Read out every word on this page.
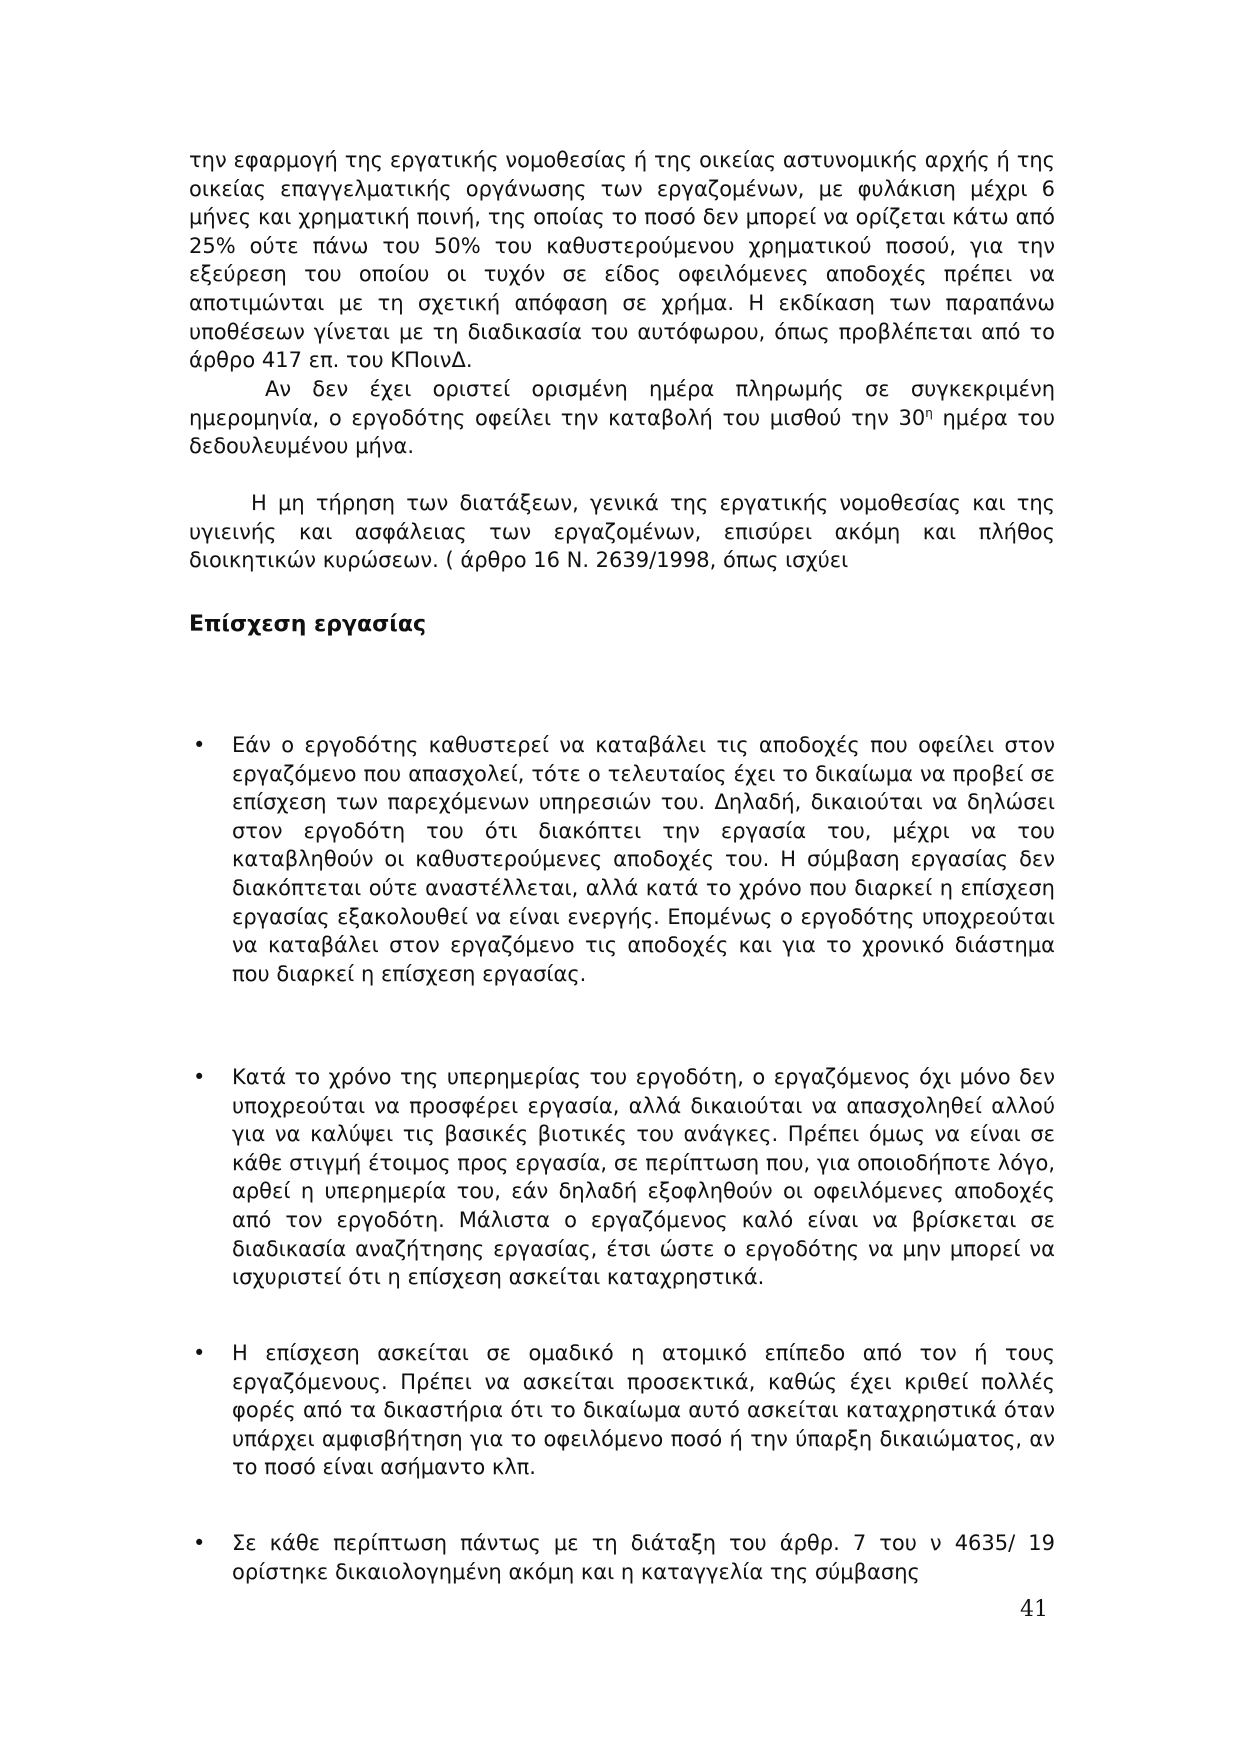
την εφαρμογή της εργατικής νομοθεσίας ή της οικείας αστυνομικής αρχής ή της οικείας επαγγελματικής οργάνωσης των εργαζομένων, με φυλάκιση μέχρι 6 μήνες και χρηματική ποινή, της οποίας το ποσό δεν μπορεί να ορίζεται κάτω από 25% ούτε πάνω του 50% του καθυστερούμενου χρηματικού ποσού, για την εξεύρεση του οποίου οι τυχόν σε είδος οφειλόμενες αποδοχές πρέπει να αποτιμώνται με τη σχετική απόφαση σε χρήμα. Η εκδίκαση των παραπάνω υποθέσεων γίνεται με τη διαδικασία του αυτόφωρου, όπως προβλέπεται από το άρθρο 417 επ. του ΚΠοινΔ.

Αν δεν έχει οριστεί ορισμένη ημέρα πληρωμής σε συγκεκριμένη ημερομηνία, ο εργοδότης οφείλει την καταβολή του μισθού την $30^\eta$ ημέρα του δεδουλευμένου μήνα.

Η μη τήρηση των διατάξεων, γενικά της εργατικής νομοθεσίας και της υγιεινής και ασφάλειας των εργαζομένων, επισύρει ακόμη και πλήθος διοικητικών κυρώσεων. ( άρθρο 16 Ν. 2639/1998, όπως ισχύει

Επίσχεση εργασίας
• Εάν ο εργοδότης καθυστερεί να καταβάλει τις αποδοχές που οφείλει στον εργαζόμενο που απασχολεί, τότε ο τελευταίος έχει το δικαίωμα να προβεί σε επίσχεση των παρεχόμενων υπηρεσιών του. Δηλαδή, δικαιούται να δηλώσει στον εργοδότη του ότι διακόπτει την εργασία του, μέχρι να του καταβληθούν οι καθυστερούμενες αποδοχές του. Η σύμβαση εργασίας δεν διακόπτεται ούτε αναστέλλεται, αλλά κατά το χρόνο που διαρκεί η επίσχεση εργασίας εξακολουθεί να είναι ενεργής. Επομένως ο εργοδότης υποχρεούται να καταβάλει στον εργαζόμενο τις αποδοχές και για το χρονικό διάστημα που διαρκεί η επίσχεση εργασίας.

• Κατά το χρόνο της υπερημερίας του εργοδότη, ο εργαζόμενος όχι μόνο δεν υποχρεούται να προσφέρει εργασία, αλλά δικαιούται να απασχοληθεί αλλού για να καλύψει τις βασικές βιοτικές του ανάγκες. Πρέπει όμως να είναι σε κάθε στιγμή έτοιμος προς εργασία, σε περίπτωση που, για οποιοδήποτε λόγο, αρθεί η υπερημερία του, εάν δηλαδή εξοφληθούν οι οφειλόμενες αποδοχές από τον εργοδότη. Μάλιστα ο εργαζόμενος καλό είναι να βρίσκεται σε διαδικασία αναζήτησης εργασίας, έτσι ώστε ο εργοδότης να μην μπορεί να ισχυριστεί ότι η επίσχεση ασκείται καταχρηστικά.

• Η επίσχεση ασκείται σε ομαδικό η ατομικό επίπεδο από τον ή τους εργαζόμενους. Πρέπει να ασκείται προσεκτικά, καθώς έχει κριθεί πολλές φορές από τα δικαστήρια ότι το δικαίωμα αυτό ασκείται καταχρηστικά όταν υπάρχει αμφισβήτηση για το οφειλόμενο ποσό ή την ύπαρξη δικαιώματος, αν το ποσό είναι ασήμαντο κλπ.

• Σε κάθε περίπτωση πάντως με τη διάταξη του άρθρ. 7 του ν 4635/ 19 ορίστηκε δικαιολογημένη ακόμη και η καταγγελία της σύμβασης

41
